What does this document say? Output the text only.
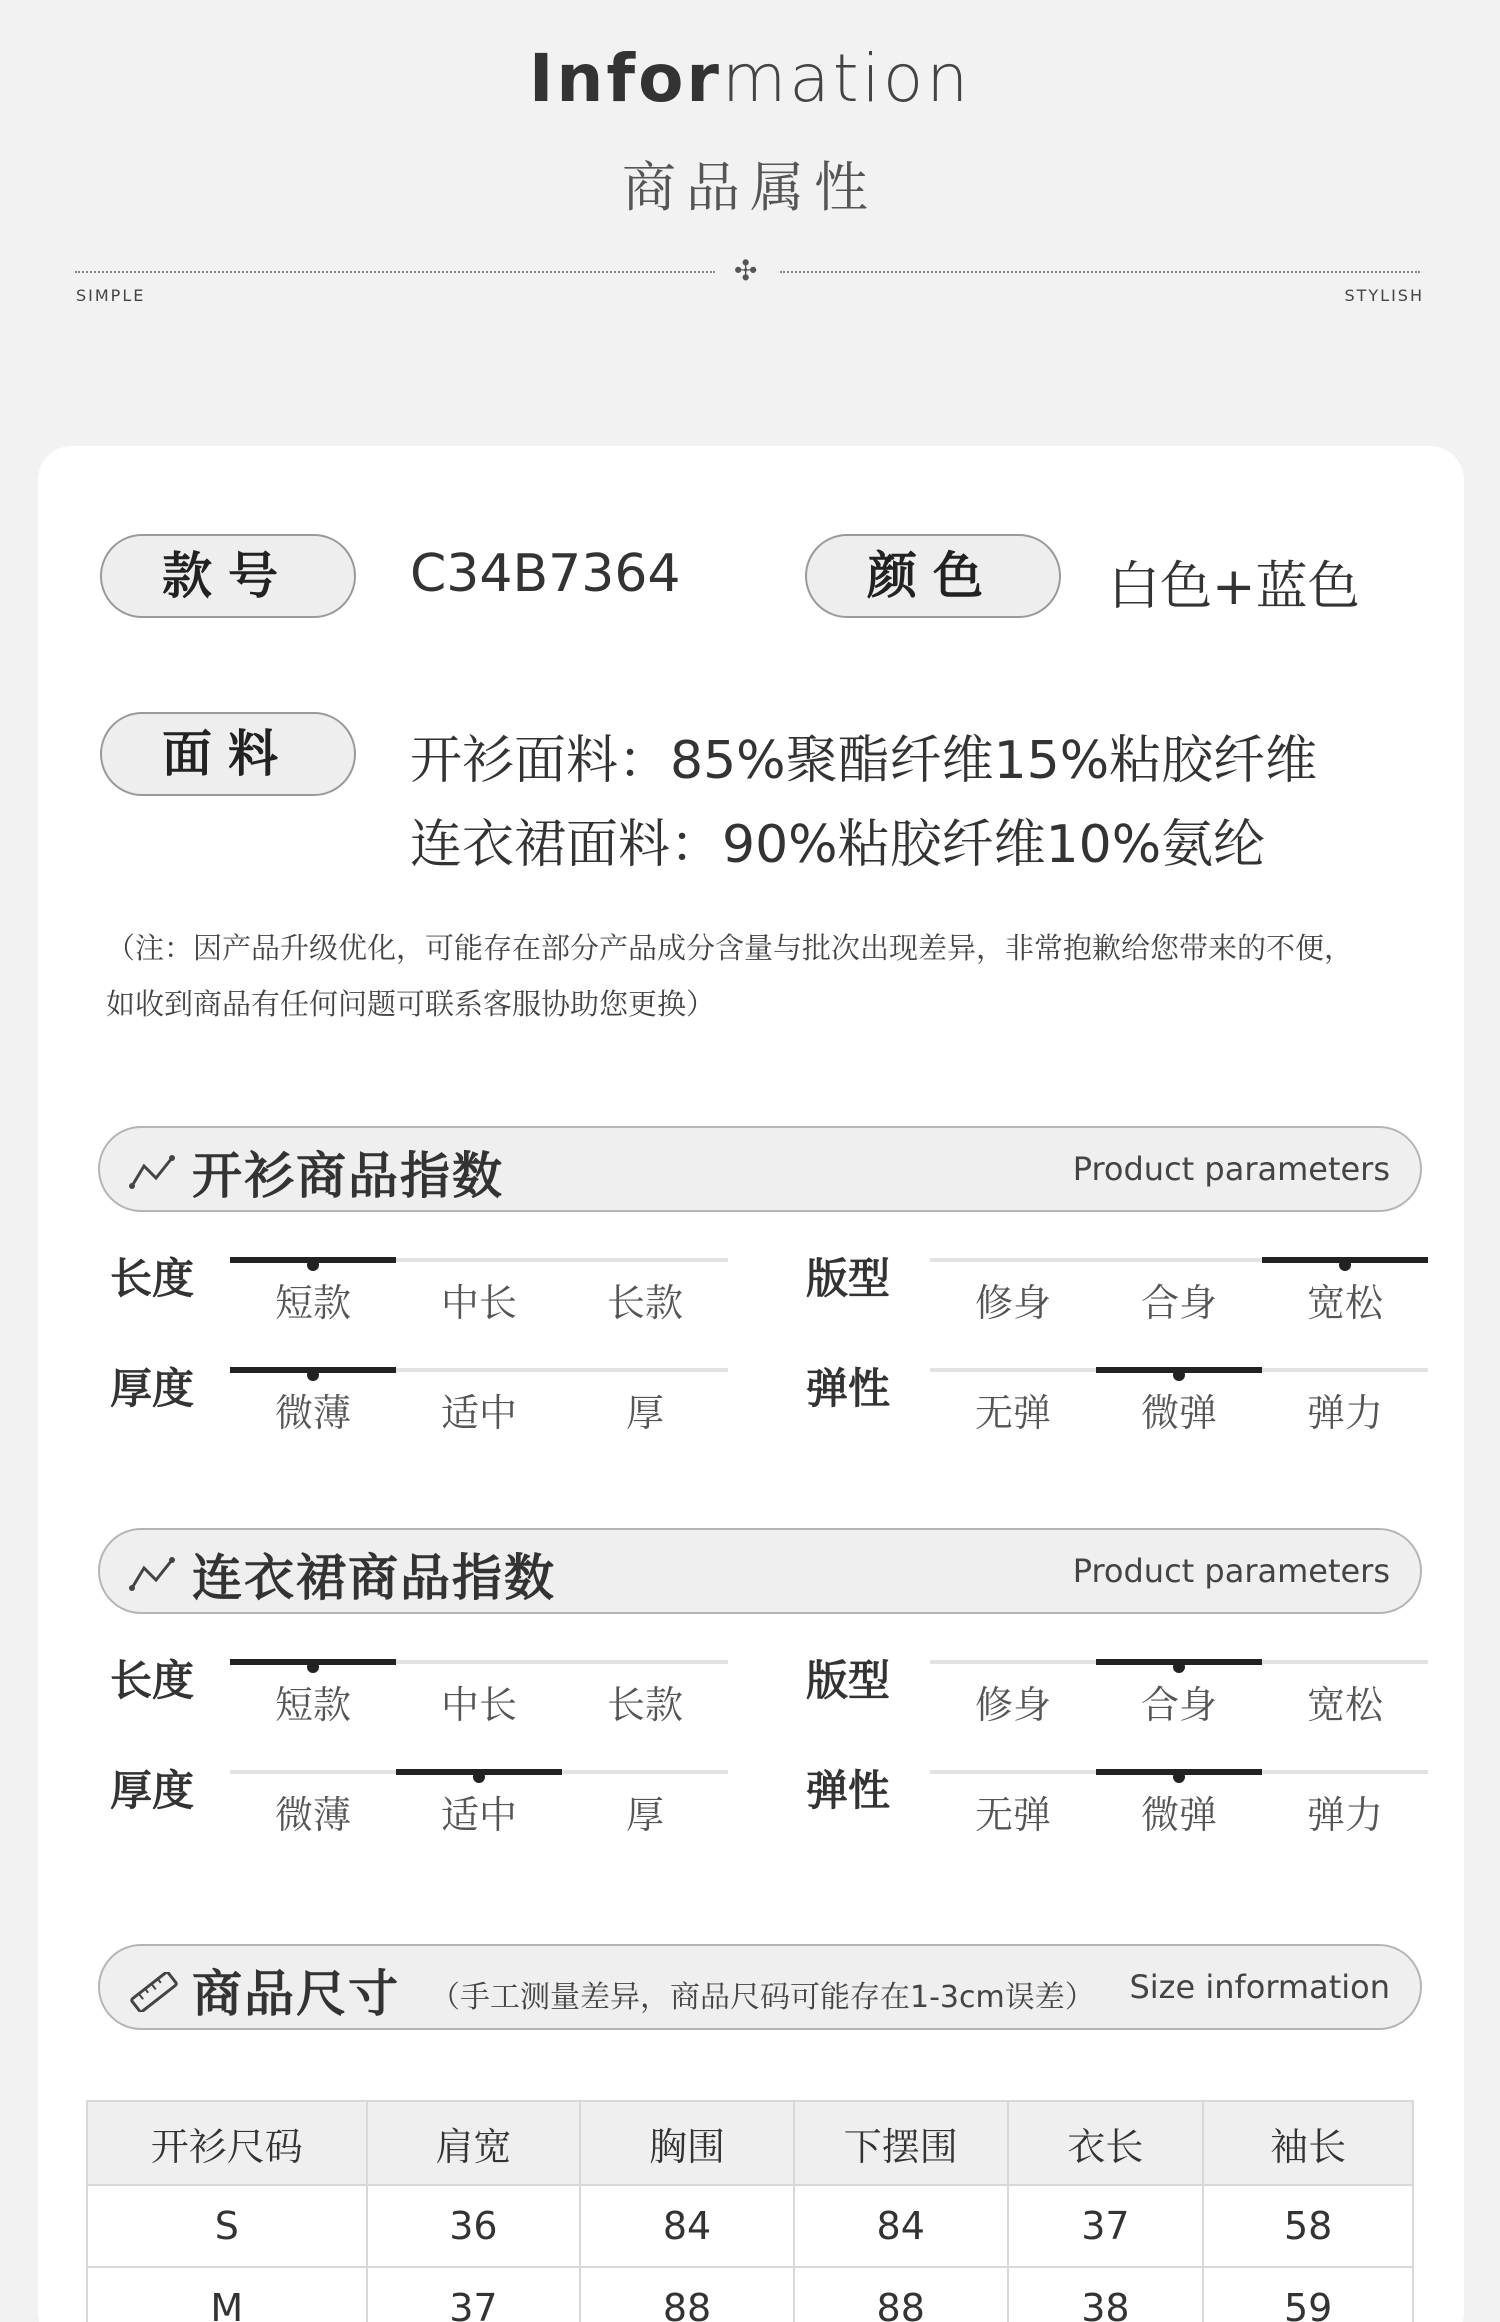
Information
商品属性
✣
SIMPLE	STYLISH
款号	C34B7364	颜色	白色+蓝色
面料	开衫面料：85%聚酯纤维15%粘胶纤维
连衣裙面料：90%粘胶纤维10%氨纶
（注：因产品升级优化，可能存在部分产品成分含量与批次出现差异，非常抱歉给您带来的不便，
如收到商品有任何问题可联系客服协助您更换）
开衫商品指数	Product parameters
连衣裙商品指数	Product parameters
长度	短款	中长	长款	版型	修身	合身	宽松
厚度	微薄	适中	厚	弹性	无弹	微弹	弹力
长度	短款	中长	长款	版型	修身	合身	宽松
厚度	微薄	适中	厚	弹性	无弹	微弹	弹力
商品尺寸 （手工测量差异，商品尺码可能存在1-3cm误差） Size information
开衫尺码	肩宽	胸围	下摆围	衣长	袖长
S	36	84	84	37	58
M	37	88	88	38	59
